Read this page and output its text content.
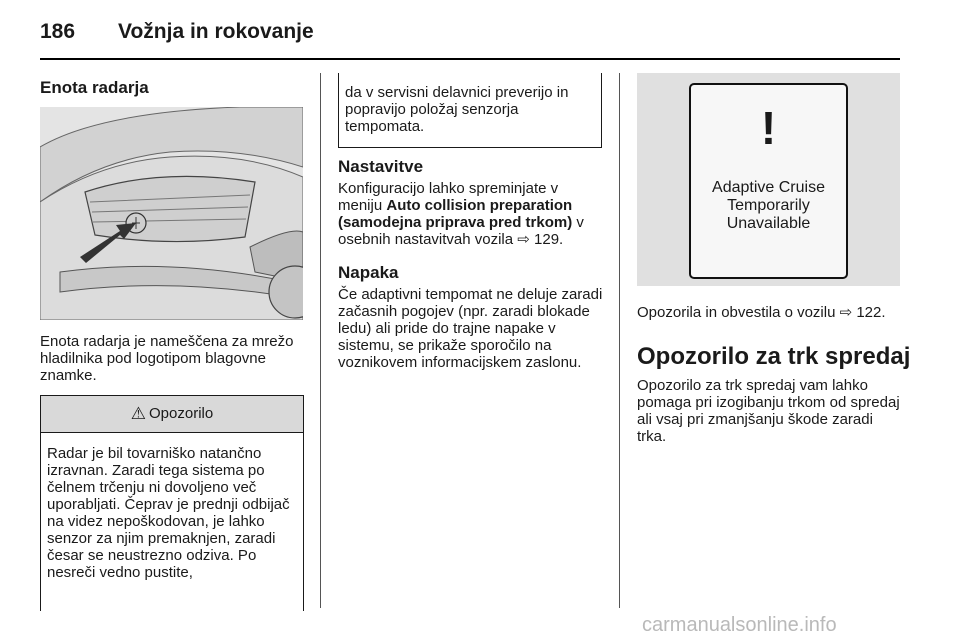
186 Vožnja in rokovanje
Enota radarja
Enota radarja je nameščena za mrežo hladilnika pod logotipom blagovne znamke.
⚠ Opozorilo
Radar je bil tovarniško natančno izravnan. Zaradi tega sistema po čelnem trčenju ni dovoljeno več uporabljati. Čeprav je prednji odbijač na videz nepoškodovan, je lahko senzor za njim premaknjen, zaradi česar se neustrezno odziva. Po nesreči vedno pustite,
da v servisni delavnici preverijo in popravijo položaj senzorja tempomata.
Nastavitve
Konfiguracijo lahko spreminjate v meniju Auto collision preparation (samodejna priprava pred trkom) v osebnih nastavitvah vozila ⇨ 129.
Napaka
Če adaptivni tempomat ne deluje zaradi začasnih pogojev (npr. zaradi blokade ledu) ali pride do trajne napake v sistemu, se prikaže sporočilo na voznikovem informacijskem zaslonu.
!
Adaptive Cruise
Temporarily
Unavailable
Opozorila in obvestila o vozilu ⇨ 122.
Opozorilo za trk spredaj
Opozorilo za trk spredaj vam lahko pomaga pri izogibanju trkom od spredaj ali vsaj pri zmanjšanju škode zaradi trka.
carmanualsonline.info
